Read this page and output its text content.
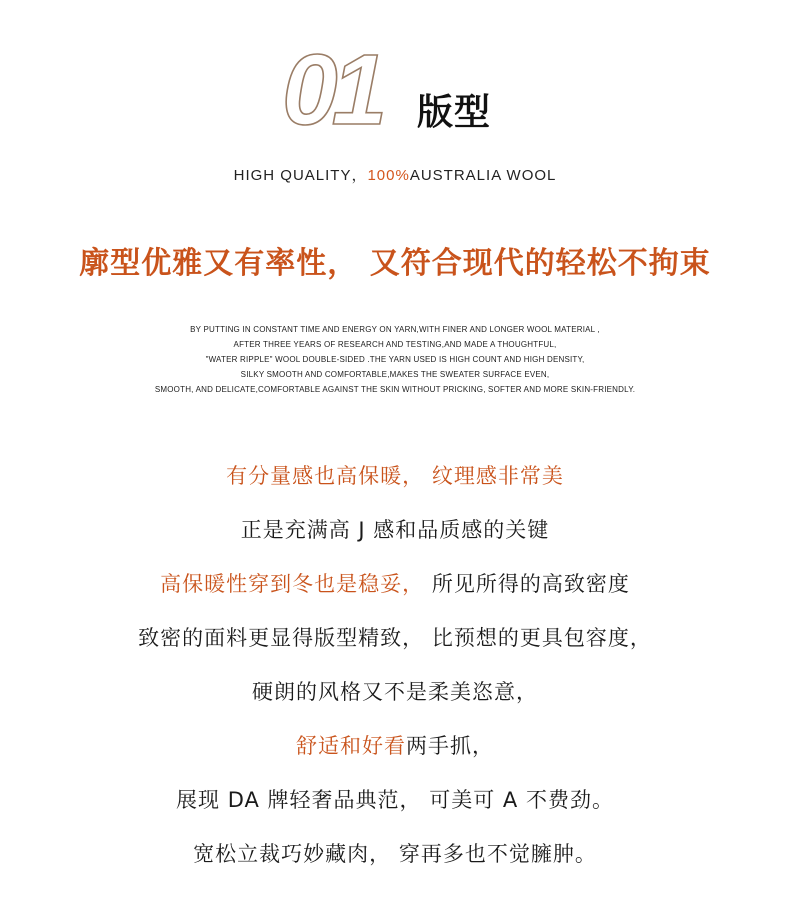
01 版型
HIGH QUALITY，100%AUSTRALIA WOOL
廓型优雅又有率性， 又符合现代的轻松不拘束
BY PUTTING IN CONSTANT TIME AND ENERGY ON YARN,WITH FINER AND LONGER WOOL MATERIAL ,
AFTER THREE YEARS OF RESEARCH AND TESTING,AND MADE A THOUGHTFUL,
"WATER RIPPLE" WOOL DOUBLE-SIDED .THE YARN USED IS HIGH COUNT AND HIGH DENSITY,
SILKY SMOOTH AND COMFORTABLE,MAKES THE SWEATER SURFACE EVEN,
SMOOTH, AND DELICATE,COMFORTABLE AGAINST THE SKIN WITHOUT PRICKING, SOFTER AND MORE SKIN-FRIENDLY.
有分量感也高保暖， 纹理感非常美
正是充满高 J 感和品质感的关键
高保暖性穿到冬也是稳妥， 所见所得的高致密度
致密的面料更显得版型精致， 比预想的更具包容度，
硬朗的风格又不是柔美恣意，
舒适和好看两手抓，
展现 DA 牌轻奢品典范， 可美可 A 不费劲。
宽松立裁巧妙藏肉， 穿再多也不觉臃肿。
